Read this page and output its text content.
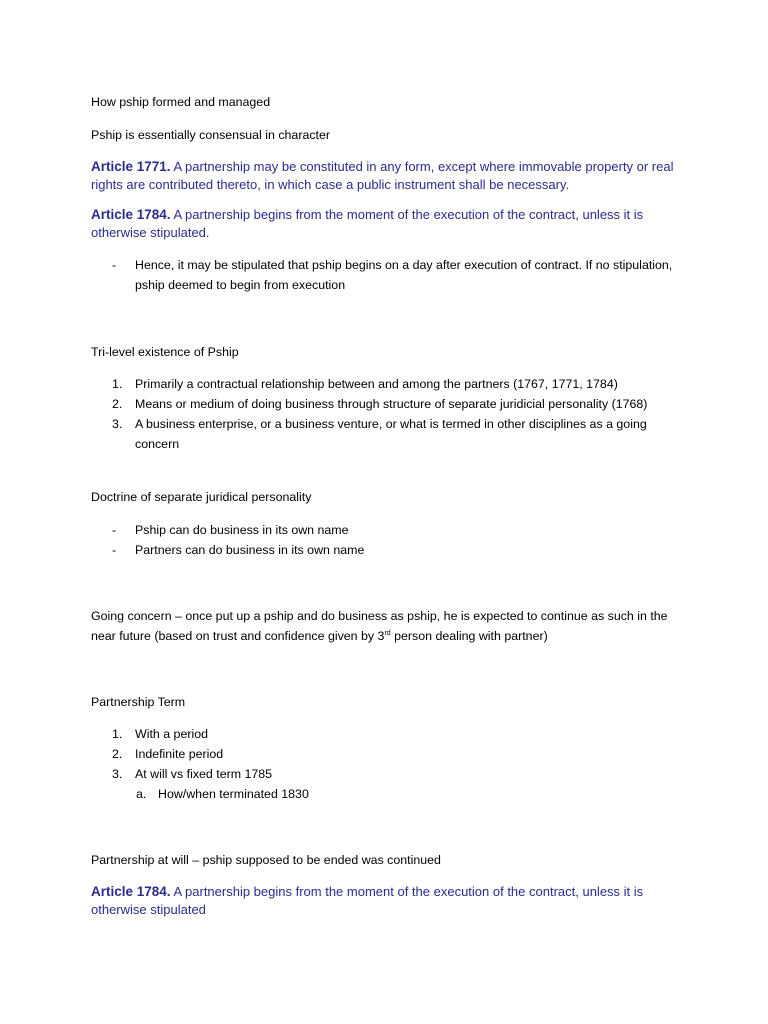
How pship formed and managed

Pship is essentially consensual in character

Article 1771. A partnership may be constituted in any form, except where immovable property or real rights are contributed thereto, in which case a public instrument shall be necessary.

Article 1784. A partnership begins from the moment of the execution of the contract, unless it is otherwise stipulated.

- Hence, it may be stipulated that pship begins on a day after execution of contract. If no stipulation, pship deemed to begin from execution

Tri-level existence of Pship

1. Primarily a contractual relationship between and among the partners (1767, 1771, 1784)
2. Means or medium of doing business through structure of separate juridicial personality (1768)
3. A business enterprise, or a business venture, or what is termed in other disciplines as a going concern

Doctrine of separate juridical personality

- Pship can do business in its own name
- Partners can do business in its own name

Going concern – once put up a pship and do business as pship, he is expected to continue as such in the near future (based on trust and confidence given by 3rd person dealing with partner)

Partnership Term

1. With a period
2. Indefinite period
3. At will vs fixed term 1785
a. How/when terminated 1830

Partnership at will – pship supposed to be ended was continued

Article 1784. A partnership begins from the moment of the execution of the contract, unless it is otherwise stipulated
